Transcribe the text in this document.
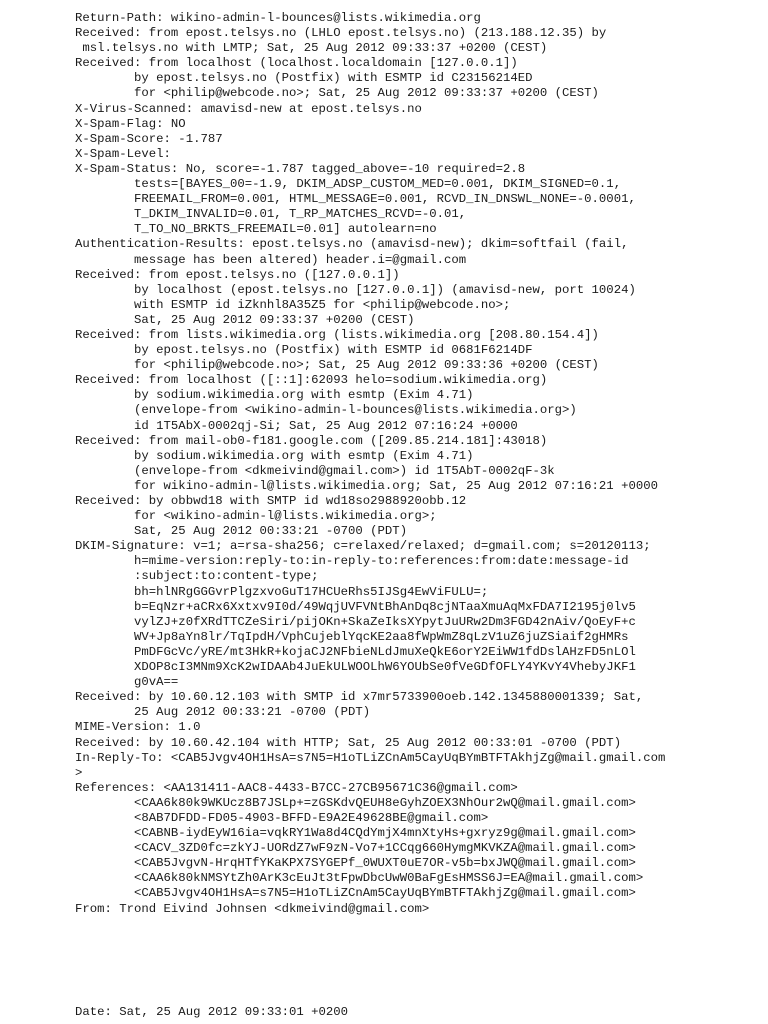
Return-Path: wikino-admin-l-bounces@lists.wikimedia.org
Received: from epost.telsys.no (LHLO epost.telsys.no) (213.188.12.35) by
msl.telsys.no with LMTP; Sat, 25 Aug 2012 09:33:37 +0200 (CEST)
Received: from localhost (localhost.localdomain [127.0.0.1])
by epost.telsys.no (Postfix) with ESMTP id C23156214ED
for <philip@webcode.no>; Sat, 25 Aug 2012 09:33:37 +0200 (CEST)
X-Virus-Scanned: amavisd-new at epost.telsys.no
X-Spam-Flag: NO
X-Spam-Score: -1.787
X-Spam-Level:
X-Spam-Status: No, score=-1.787 tagged_above=-10 required=2.8
tests=[BAYES_00=-1.9, DKIM_ADSP_CUSTOM_MED=0.001, DKIM_SIGNED=0.1,
FREEMAIL_FROM=0.001, HTML_MESSAGE=0.001, RCVD_IN_DNSWL_NONE=-0.0001,
T_DKIM_INVALID=0.01, T_RP_MATCHES_RCVD=-0.01,
T_TO_NO_BRKTS_FREEMAIL=0.01] autolearn=no
Authentication-Results: epost.telsys.no (amavisd-new); dkim=softfail (fail,
message has been altered) header.i=@gmail.com
Received: from epost.telsys.no ([127.0.0.1])
by localhost (epost.telsys.no [127.0.0.1]) (amavisd-new, port 10024)
with ESMTP id iZknhl8A35Z5 for <philip@webcode.no>;
Sat, 25 Aug 2012 09:33:37 +0200 (CEST)
Received: from lists.wikimedia.org (lists.wikimedia.org [208.80.154.4])
by epost.telsys.no (Postfix) with ESMTP id 0681F6214DF
for <philip@webcode.no>; Sat, 25 Aug 2012 09:33:36 +0200 (CEST)
Received: from localhost ([::1]:62093 helo=sodium.wikimedia.org)
by sodium.wikimedia.org with esmtp (Exim 4.71)
(envelope-from <wikino-admin-l-bounces@lists.wikimedia.org>)
id 1T5AbX-0002qj-Si; Sat, 25 Aug 2012 07:16:24 +0000
Received: from mail-ob0-f181.google.com ([209.85.214.181]:43018)
by sodium.wikimedia.org with esmtp (Exim 4.71)
(envelope-from <dkmeivind@gmail.com>) id 1T5AbT-0002qF-3k
for wikino-admin-l@lists.wikimedia.org; Sat, 25 Aug 2012 07:16:21 +0000
Received: by obbwd18 with SMTP id wd18so2988920obb.12
for <wikino-admin-l@lists.wikimedia.org>;
Sat, 25 Aug 2012 00:33:21 -0700 (PDT)
DKIM-Signature: v=1; a=rsa-sha256; c=relaxed/relaxed; d=gmail.com; s=20120113;
h=mime-version:reply-to:in-reply-to:references:from:date:message-id
:subject:to:content-type;
bh=hlNRgGGGvrPlgzxvoGuT17HCUeRhs5IJSg4EwViFULU=;
b=EqNzr+aCRx6Xxtxv9I0d/49WqjUVFVNtBhAnDq8cjNTaaXmuAqMxFDA7I2195j0lv5
vylZJ+z0fXRdTTCZeSiri/pijOKn+SkaZeIksXYpytJuURw2Dm3FGD42nAiv/QoEyF+c
WV+Jp8aYn8lr/TqIpdH/VphCujeblYqcKE2aa8fWpWmZ8qLzV1uZ6juZSiaif2gHMRs
PmDFGcVc/yRE/mt3HkR+kojaCJ2NFbieNLdJmuXeQkE6orY2EiWW1fdDslAHzFD5nLOl
XDOP8cI3MNm9XcK2wIDAAb4JuEkULWOOLhW6YOUbSe0fVeGDfOFLY4YKvY4VhebyJKF1
g0vA==
Received: by 10.60.12.103 with SMTP id x7mr5733900oeb.142.1345880001339; Sat,
25 Aug 2012 00:33:21 -0700 (PDT)
MIME-Version: 1.0
Received: by 10.60.42.104 with HTTP; Sat, 25 Aug 2012 00:33:01 -0700 (PDT)
In-Reply-To: <CAB5Jvgv4OH1HsA=s7N5=H1oTLiZCnAm5CayUqBYmBTFTAkhjZg@mail.gmail.com
>
References: <AA131411-AAC8-4433-B7CC-27CB95671C36@gmail.com>
<CAA6k80k9WKUcz8B7JSLp+=zGSKdvQEUH8eGyhZOEX3NhOur2wQ@mail.gmail.com>
<8AB7DFDD-FD05-4903-BFFD-E9A2E49628BE@gmail.com>
<CABNB-iydEyW16ia=vqkRY1Wa8d4CQdYmjX4mnXtyHs+gxryz9g@mail.gmail.com>
<CACV_3ZD0fc=zkYJ-UORdZ7wF9zN-Vo7+1CCqg660HymgMKVKZA@mail.gmail.com>
<CAB5JvgvN-HrqHTfYKaKPX7SYGEPf_0WUXT0uE7OR-v5b=bxJWQ@mail.gmail.com>
<CAA6k80kNMSYtZh0ArK3cEuJt3tFpwDbcUwW0BaFgEsHMSS6J=EA@mail.gmail.com>
<CAB5Jvgv4OH1HsA=s7N5=H1oTLiZCnAm5CayUqBYmBTFTAkhjZg@mail.gmail.com>
From: Trond Eivind Johnsen <dkmeivind@gmail.com>
Date: Sat, 25 Aug 2012 09:33:01 +0200
